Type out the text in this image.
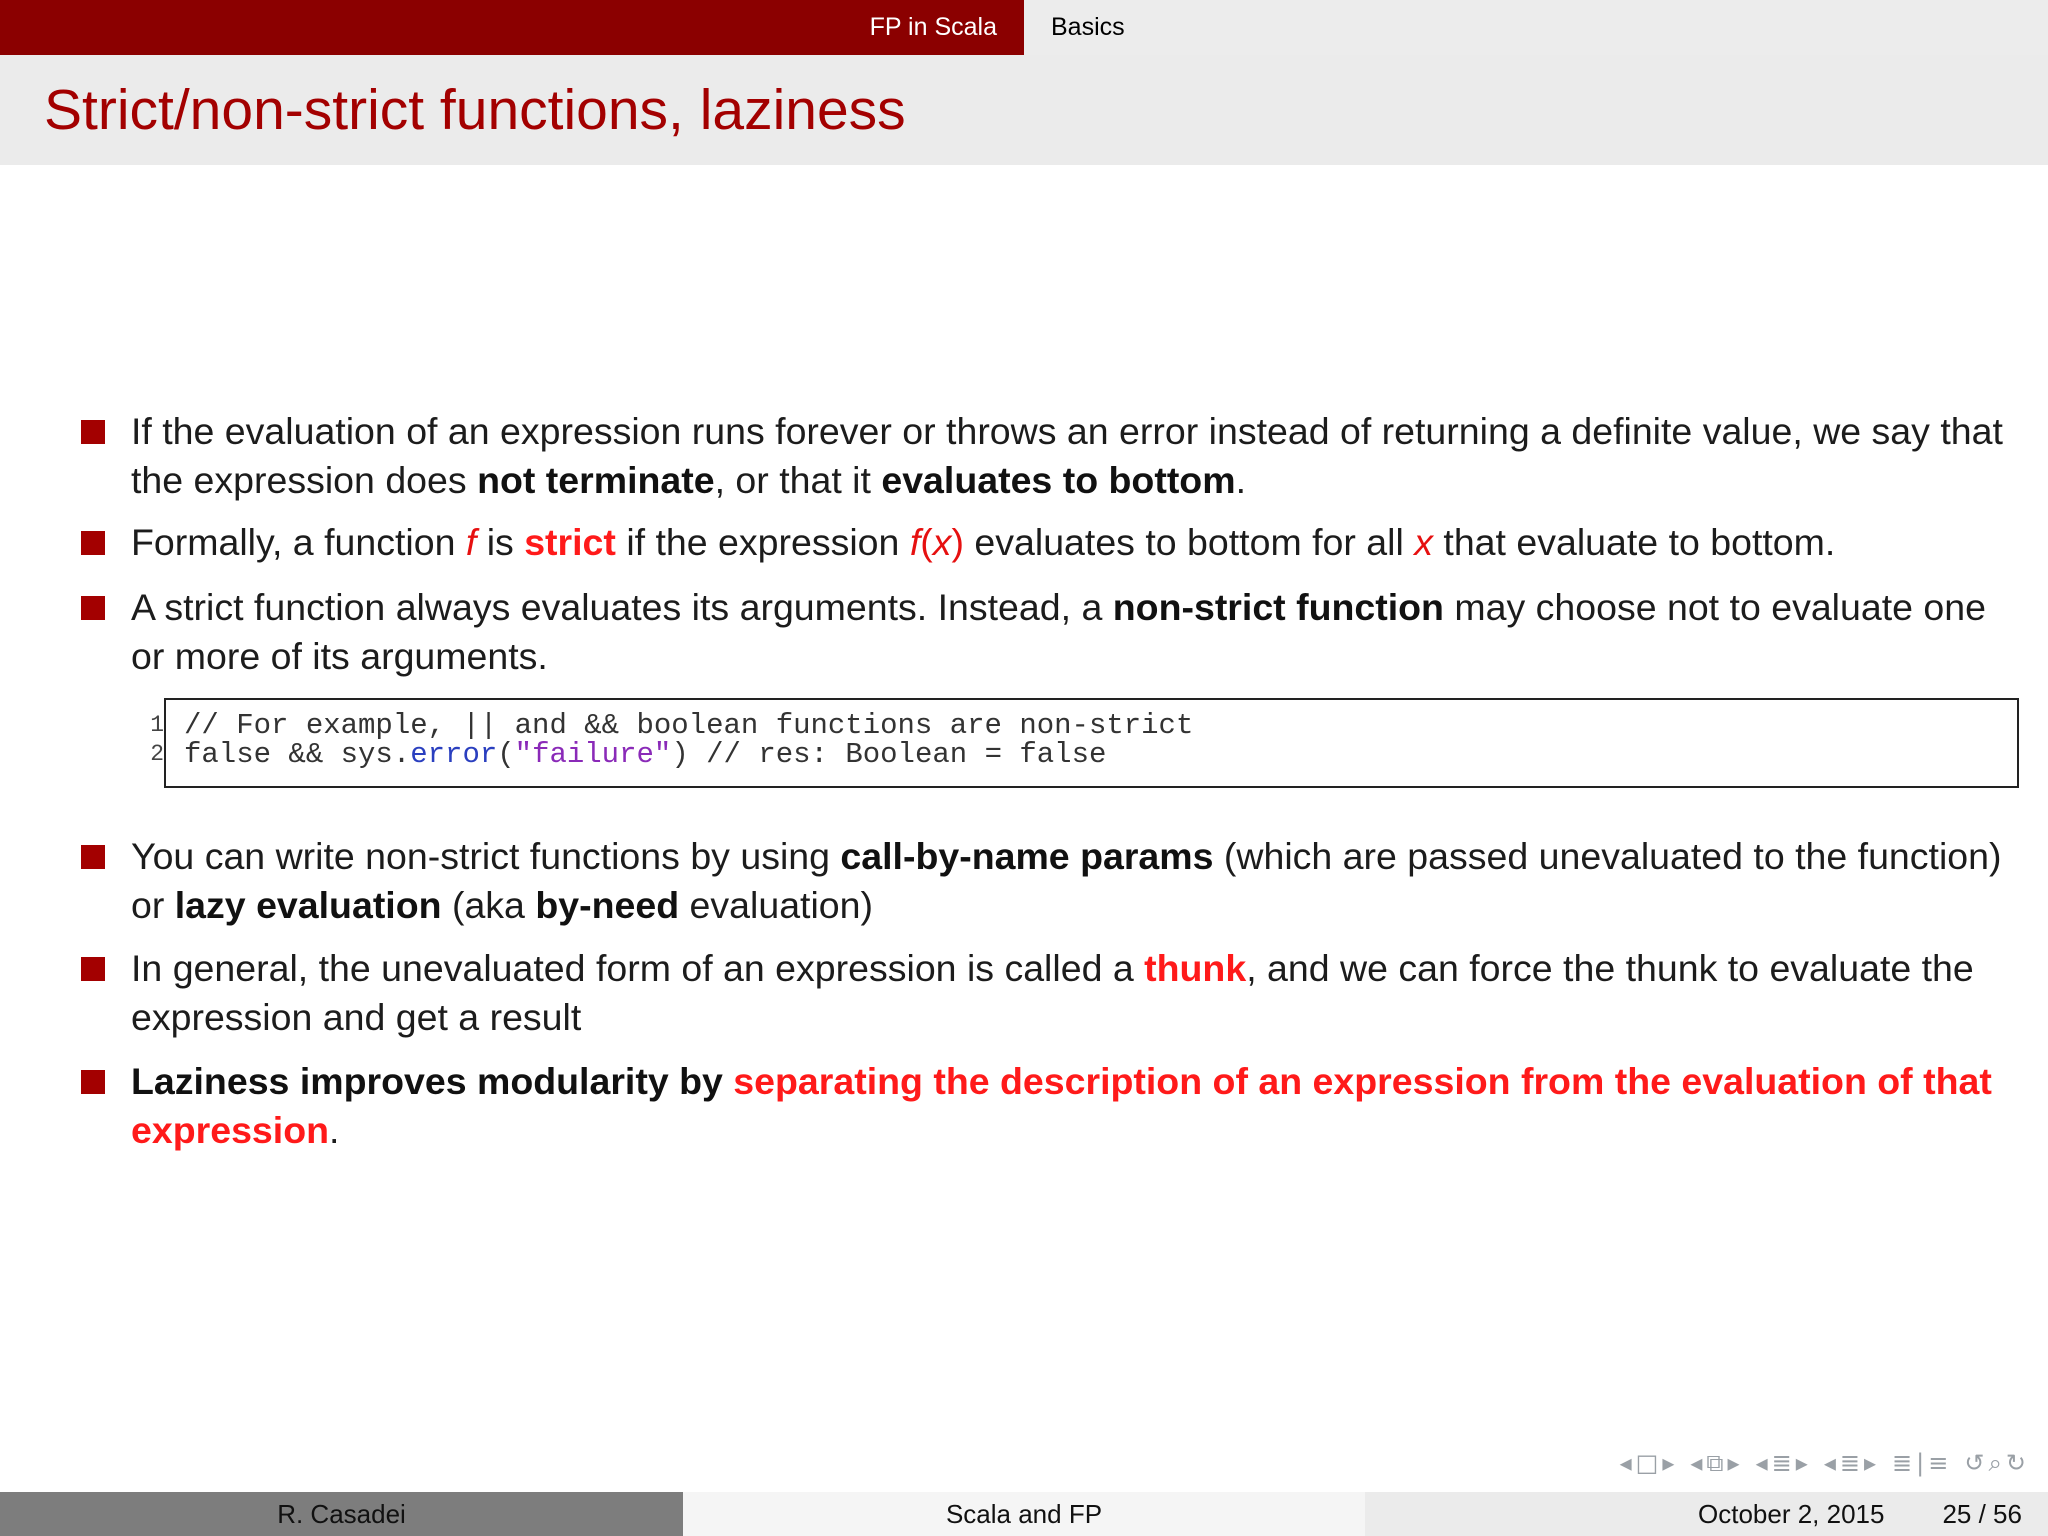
FP in Scala Basics
Strict/non-strict functions, laziness
If the evaluation of an expression runs forever or throws an error instead of returning a definite value, we say that the expression does not terminate, or that it evaluates to bottom.
Formally, a function f is strict if the expression f(x) evaluates to bottom for all x that evaluate to bottom.
A strict function always evaluates its arguments. Instead, a non-strict function may choose not to evaluate one or more of its arguments.
1
2
// For example, || and && boolean functions are non-strict
false && sys.error("failure") // res: Boolean = false
You can write non-strict functions by using call-by-name params (which are passed unevaluated to the function) or lazy evaluation (aka by-need evaluation)
In general, the unevaluated form of an expression is called a thunk, and we can force the thunk to evaluate the expression and get a result
Laziness improves modularity by separating the description of an expression from the evaluation of that expression.
◂□▸ ◂⧉▸ ◂≣▸ ◂≣▸ ≣|≡ ↺⌕↻
R. Casadei	Scala and FP	October 2, 2015 25 / 56
